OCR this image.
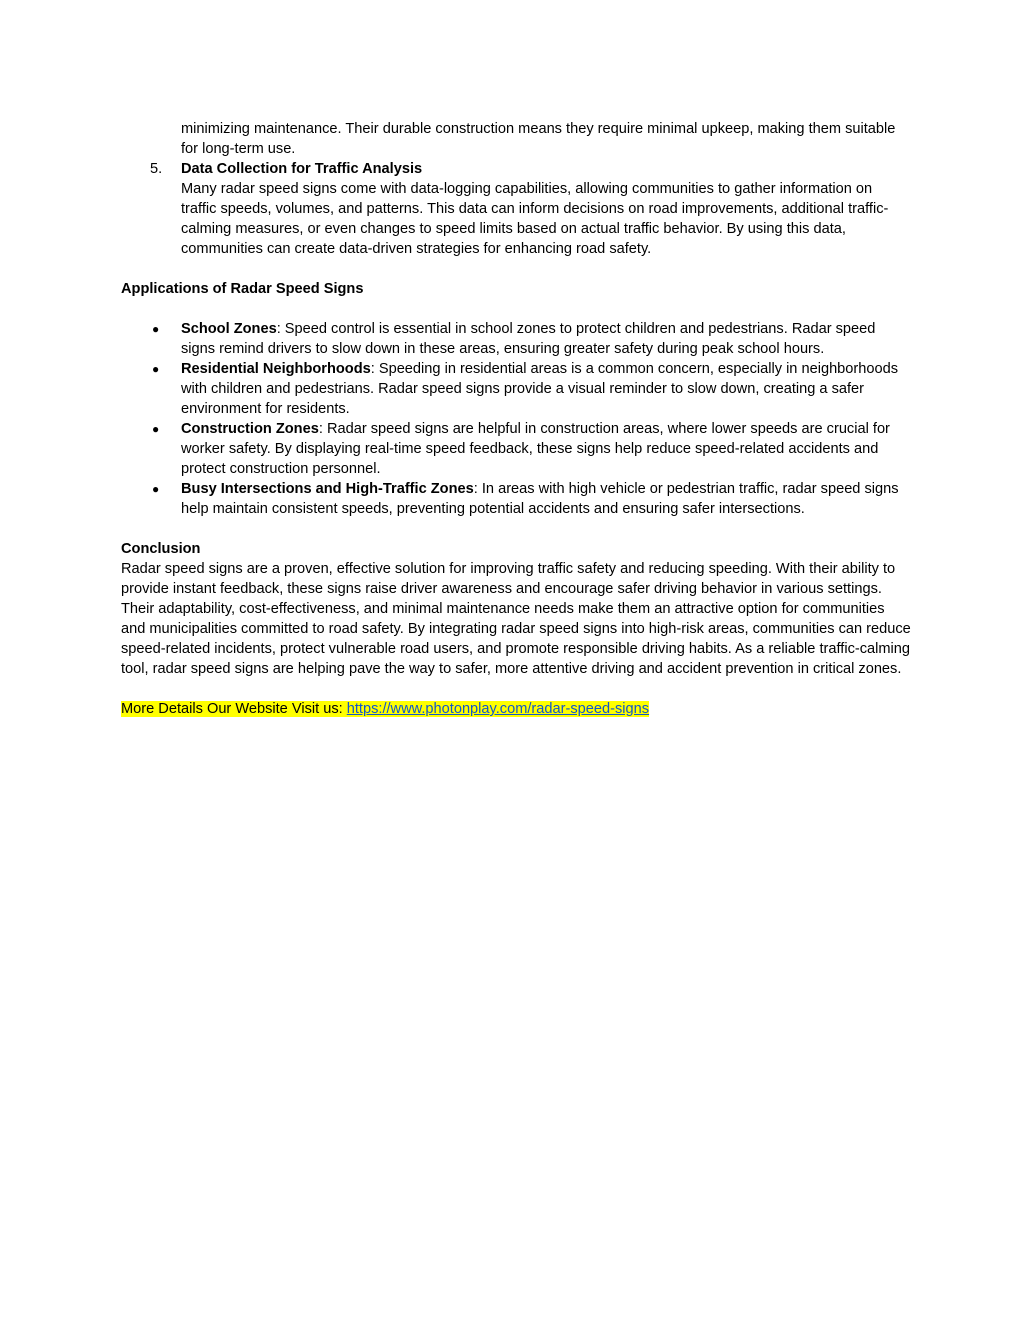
minimizing maintenance. Their durable construction means they require minimal upkeep, making them suitable for long-term use.

5. Data Collection for Traffic Analysis

Many radar speed signs come with data-logging capabilities, allowing communities to gather information on traffic speeds, volumes, and patterns. This data can inform decisions on road improvements, additional traffic-calming measures, or even changes to speed limits based on actual traffic behavior. By using this data, communities can create data-driven strategies for enhancing road safety.

Applications of Radar Speed Signs

● School Zones: Speed control is essential in school zones to protect children and pedestrians. Radar speed signs remind drivers to slow down in these areas, ensuring greater safety during peak school hours.

● Residential Neighborhoods: Speeding in residential areas is a common concern, especially in neighborhoods with children and pedestrians. Radar speed signs provide a visual reminder to slow down, creating a safer environment for residents.

● Construction Zones: Radar speed signs are helpful in construction areas, where lower speeds are crucial for worker safety. By displaying real-time speed feedback, these signs help reduce speed-related accidents and protect construction personnel.

● Busy Intersections and High-Traffic Zones: In areas with high vehicle or pedestrian traffic, radar speed signs help maintain consistent speeds, preventing potential accidents and ensuring safer intersections.

Conclusion

Radar speed signs are a proven, effective solution for improving traffic safety and reducing speeding. With their ability to provide instant feedback, these signs raise driver awareness and encourage safer driving behavior in various settings. Their adaptability, cost-effectiveness, and minimal maintenance needs make them an attractive option for communities and municipalities committed to road safety. By integrating radar speed signs into high-risk areas, communities can reduce speed-related incidents, protect vulnerable road users, and promote responsible driving habits. As a reliable traffic-calming tool, radar speed signs are helping pave the way to safer, more attentive driving and accident prevention in critical zones.

More Details Our Website Visit us: https://www.photonplay.com/radar-speed-signs
